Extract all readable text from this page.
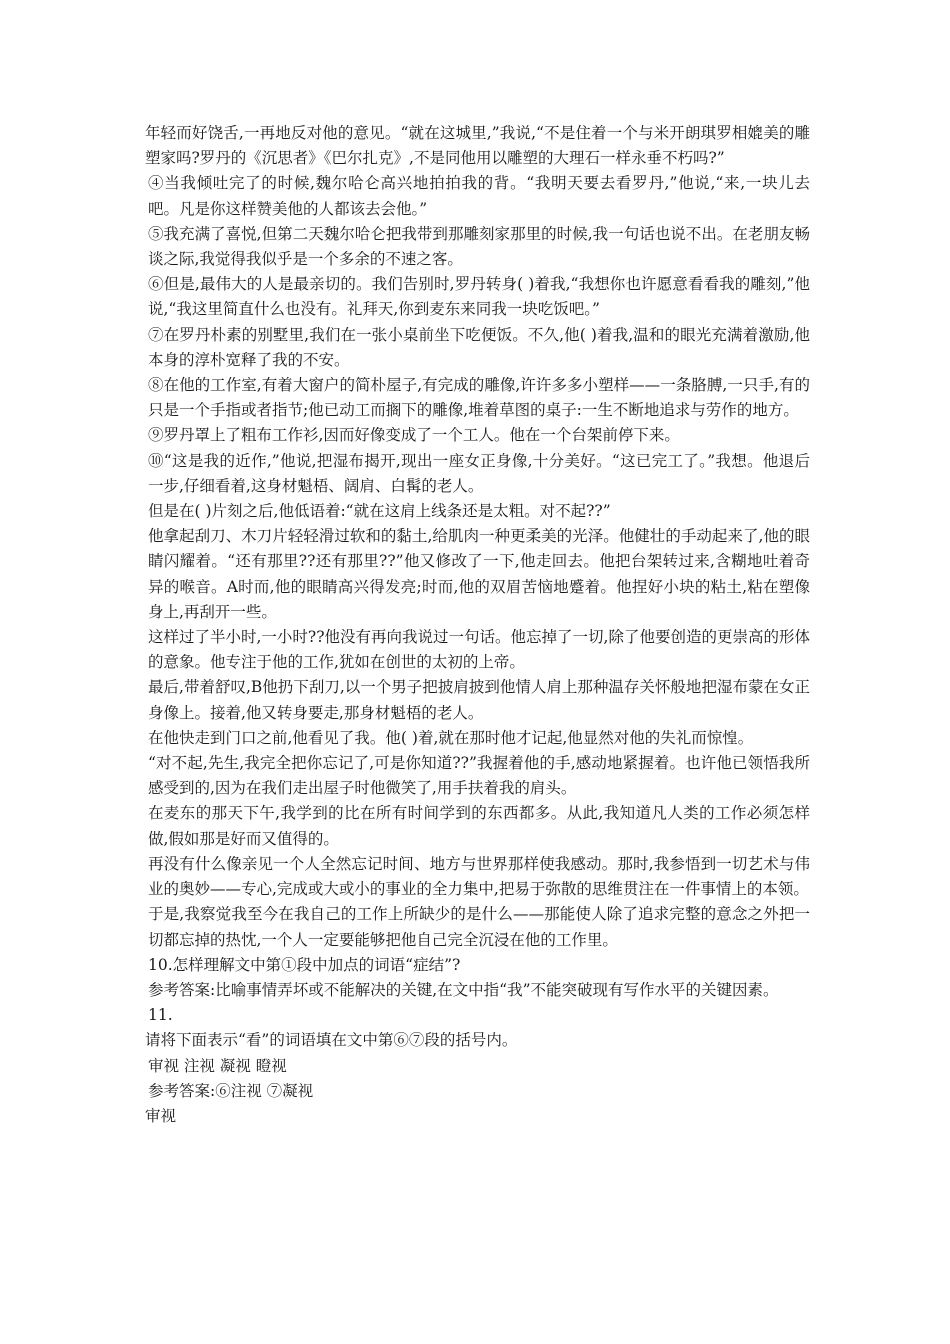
年轻而好饶舌,一再地反对他的意见。“就在这城里,”我说,“不是住着一个与米开朗琪罗相媲美的雕塑家吗?罗丹的《沉思者》《巴尔扎克》,不是同他用以雕塑的大理石一样永垂不朽吗?”

④当我倾吐完了的时候,魏尔哈仑高兴地拍拍我的背。“我明天要去看罗丹,”他说,“来,一块儿去吧。凡是你这样赞美他的人都该去会他。”

⑤我充满了喜悦,但第二天魏尔哈仑把我带到那雕刻家那里的时候,我一句话也说不出。在老朋友畅谈之际,我觉得我似乎是一个多余的不速之客。

⑥但是,最伟大的人是最亲切的。我们告别时,罗丹转身( )着我,“我想你也许愿意看看我的雕刻,”他说,“我这里简直什么也没有。礼拜天,你到麦东来同我一块吃饭吧。”

⑦在罗丹朴素的别墅里,我们在一张小桌前坐下吃便饭。不久,他( )着我,温和的眼光充满着激励,他本身的淳朴宽释了我的不安。

⑧在他的工作室,有着大窗户的简朴屋子,有完成的雕像,许许多多小塑样——一条胳膊,一只手,有的只是一个手指或者指节;他已动工而搁下的雕像,堆着草图的桌子:一生不断地追求与劳作的地方。

⑨罗丹罩上了粗布工作衫,因而好像变成了一个工人。他在一个台架前停下来。

⑩“这是我的近作,”他说,把湿布揭开,现出一座女正身像,十分美好。“这已完工了。”我想。他退后一步,仔细看着,这身材魁梧、阔肩、白髯的老人。

但是在( )片刻之后,他低语着:“就在这肩上线条还是太粗。对不起??”

他拿起刮刀、木刀片轻轻滑过软和的黏土,给肌肉一种更柔美的光泽。他健壮的手动起来了,他的眼睛闪耀着。“还有那里??还有那里??”他又修改了一下,他走回去。他把台架转过来,含糊地吐着奇异的喉音。A时而,他的眼睛高兴得发亮;时而,他的双眉苦恼地蹙着。他捏好小块的粘土,粘在塑像身上,再刮开一些。

这样过了半小时,一小时??他没有再向我说过一句话。他忘掉了一切,除了他要创造的更崇高的形体的意象。他专注于他的工作,犹如在创世的太初的上帝。

最后,带着舒叹,B他扔下刮刀,以一个男子把披肩披到他情人肩上那种温存关怀般地把湿布蒙在女正身像上。接着,他又转身要走,那身材魁梧的老人。

在他快走到门口之前,他看见了我。他( )着,就在那时他才记起,他显然对他的失礼而惊惶。

“对不起,先生,我完全把你忘记了,可是你知道??”我握着他的手,感动地紧握着。也许他已领悟我所感受到的,因为在我们走出屋子时他微笑了,用手扶着我的肩头。

在麦东的那天下午,我学到的比在所有时间学到的东西都多。从此,我知道凡人类的工作必须怎样做,假如那是好而又值得的。

再没有什么像亲见一个人全然忘记时间、地方与世界那样使我感动。那时,我参悟到一切艺术与伟业的奥妙——专心,完成或大或小的事业的全力集中,把易于弥散的思维贯注在一件事情上的本领。

于是,我察觉我至今在我自己的工作上所缺少的是什么——那能使人除了追求完整的意念之外把一切都忘掉的热忱,一个人一定要能够把他自己完全沉浸在他的工作里。

10.怎样理解文中第①段中加点的词语“症结”?

参考答案:比喻事情弄坏或不能解决的关键,在文中指“我”不能突破现有写作水平的关键因素。

11.

请将下面表示“看”的词语填在文中第⑥⑦段的括号内。

审视 注视 凝视 瞪视

参考答案:⑥注视 ⑦凝视

审视
